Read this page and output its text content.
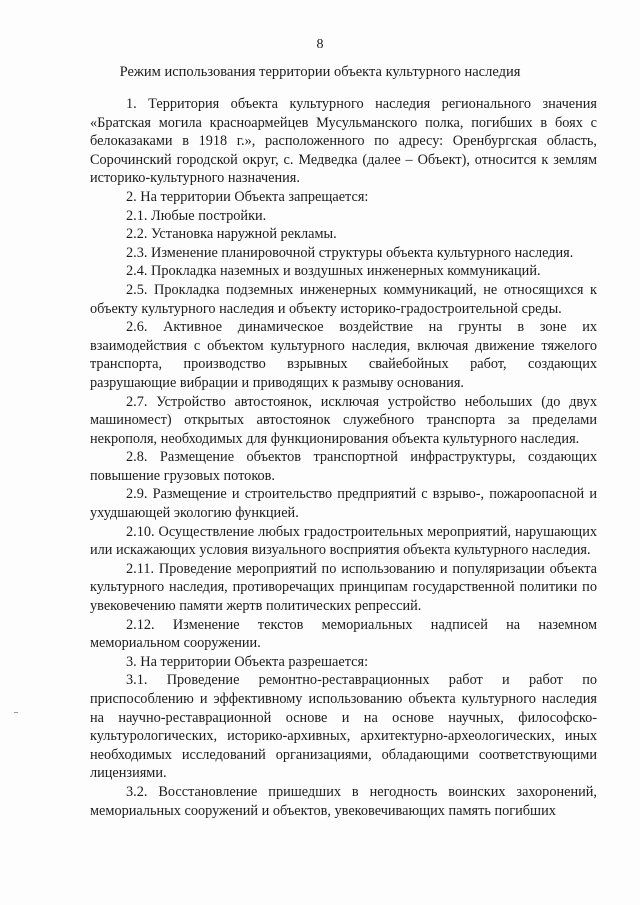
8
Режим использования территории объекта культурного наследия

1. Территория объекта культурного наследия регионального значения «Братская могила красноармейцев Мусульманского полка, погибших в боях с белоказаками в 1918 г.», расположенного по адресу: Оренбургская область, Сорочинский городской округ, с. Медведка (далее – Объект), относится к землям историко-культурного назначения.

2. На территории Объекта запрещается:

2.1. Любые постройки.

2.2. Установка наружной рекламы.

2.3. Изменение планировочной структуры объекта культурного наследия.

2.4. Прокладка наземных и воздушных инженерных коммуникаций.

2.5. Прокладка подземных инженерных коммуникаций, не относящихся к объекту культурного наследия и объекту историко-градостроительной среды.

2.6. Активное динамическое воздействие на грунты в зоне их взаимодействия с объектом культурного наследия, включая движение тяжелого транспорта, производство взрывных свайебойных работ, создающих разрушающие вибрации и приводящих к размыву основания.

2.7. Устройство автостоянок, исключая устройство небольших (до двух машиномест) открытых автостоянок служебного транспорта за пределами некрополя, необходимых для функционирования объекта культурного наследия.

2.8. Размещение объектов транспортной инфраструктуры, создающих повышение грузовых потоков.

2.9. Размещение и строительство предприятий с взрыво-, пожароопасной и ухудшающей экологию функцией.

2.10. Осуществление любых градостроительных мероприятий, нарушающих или искажающих условия визуального восприятия объекта культурного наследия.

2.11. Проведение мероприятий по использованию и популяризации объекта культурного наследия, противоречащих принципам государственной политики по увековечению памяти жертв политических репрессий.

2.12. Изменение текстов мемориальных надписей на наземном мемориальном сооружении.

3. На территории Объекта разрешается:

3.1. Проведение ремонтно-реставрационных работ и работ по приспособлению и эффективному использованию объекта культурного наследия на научно-реставрационной основе и на основе научных, философско-культурологических, историко-архивных, архитектурно-археологических, иных необходимых исследований организациями, обладающими соответствующими лицензиями.

3.2. Восстановление пришедших в негодность воинских захоронений, мемориальных сооружений и объектов, увековечивающих память погибших
